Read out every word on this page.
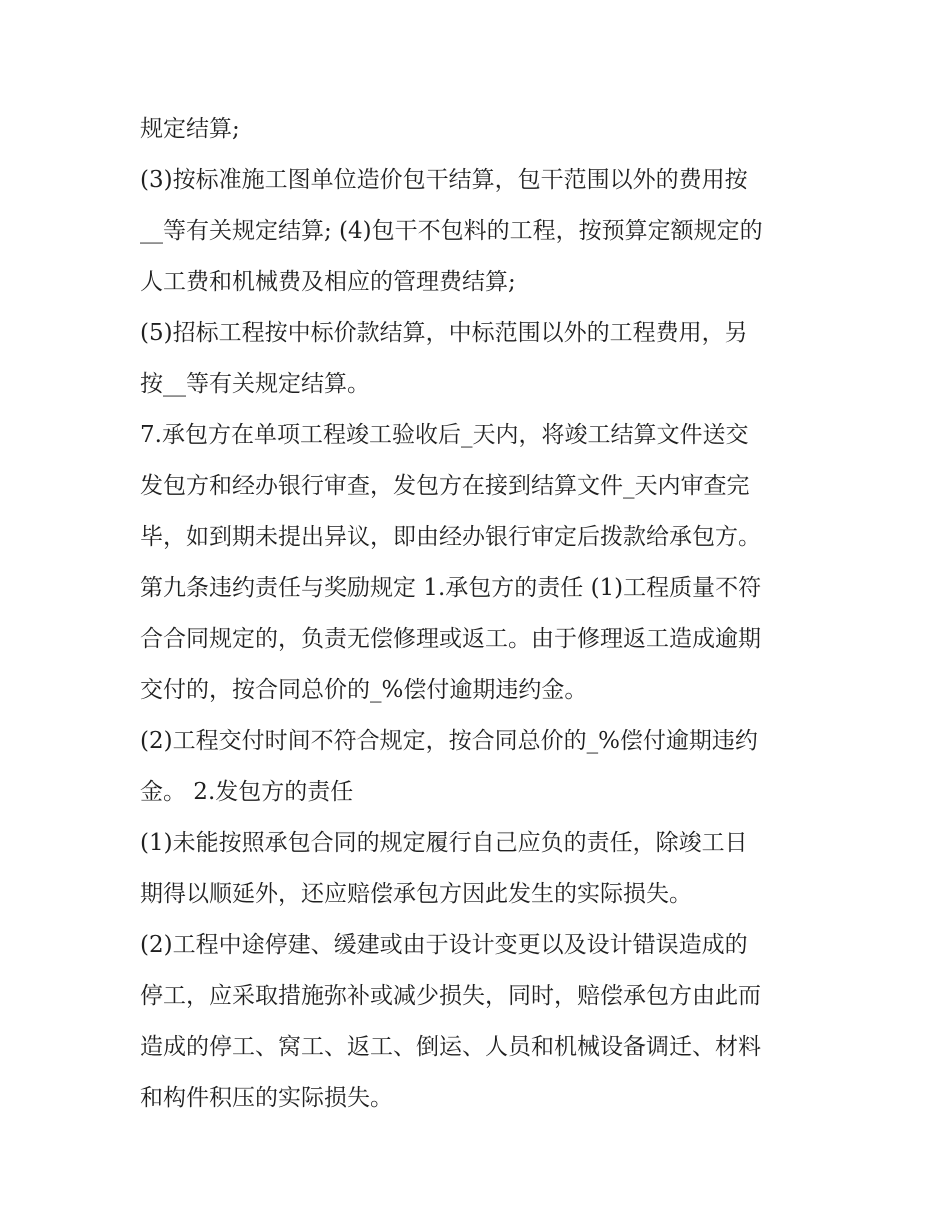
规定结算;
(3)按标准施工图单位造价包干结算，包干范围以外的费用按
__等有关规定结算; (4)包干不包料的工程，按预算定额规定的
人工费和机械费及相应的管理费结算;
(5)招标工程按中标价款结算，中标范围以外的工程费用，另
按__等有关规定结算。
7.承包方在单项工程竣工验收后_天内，将竣工结算文件送交
发包方和经办银行审查，发包方在接到结算文件_天内审查完
毕，如到期未提出异议，即由经办银行审定后拨款给承包方。
第九条违约责任与奖励规定 1.承包方的责任 (1)工程质量不符
合合同规定的，负责无偿修理或返工。由于修理返工造成逾期
交付的，按合同总价的_%偿付逾期违约金。
(2)工程交付时间不符合规定，按合同总价的_%偿付逾期违约
金。 2.发包方的责任
(1)未能按照承包合同的规定履行自己应负的责任，除竣工日
期得以顺延外，还应赔偿承包方因此发生的实际损失。
(2)工程中途停建、缓建或由于设计变更以及设计错误造成的
停工，应采取措施弥补或减少损失，同时，赔偿承包方由此而
造成的停工、窝工、返工、倒运、人员和机械设备调迁、材料
和构件积压的实际损失。
